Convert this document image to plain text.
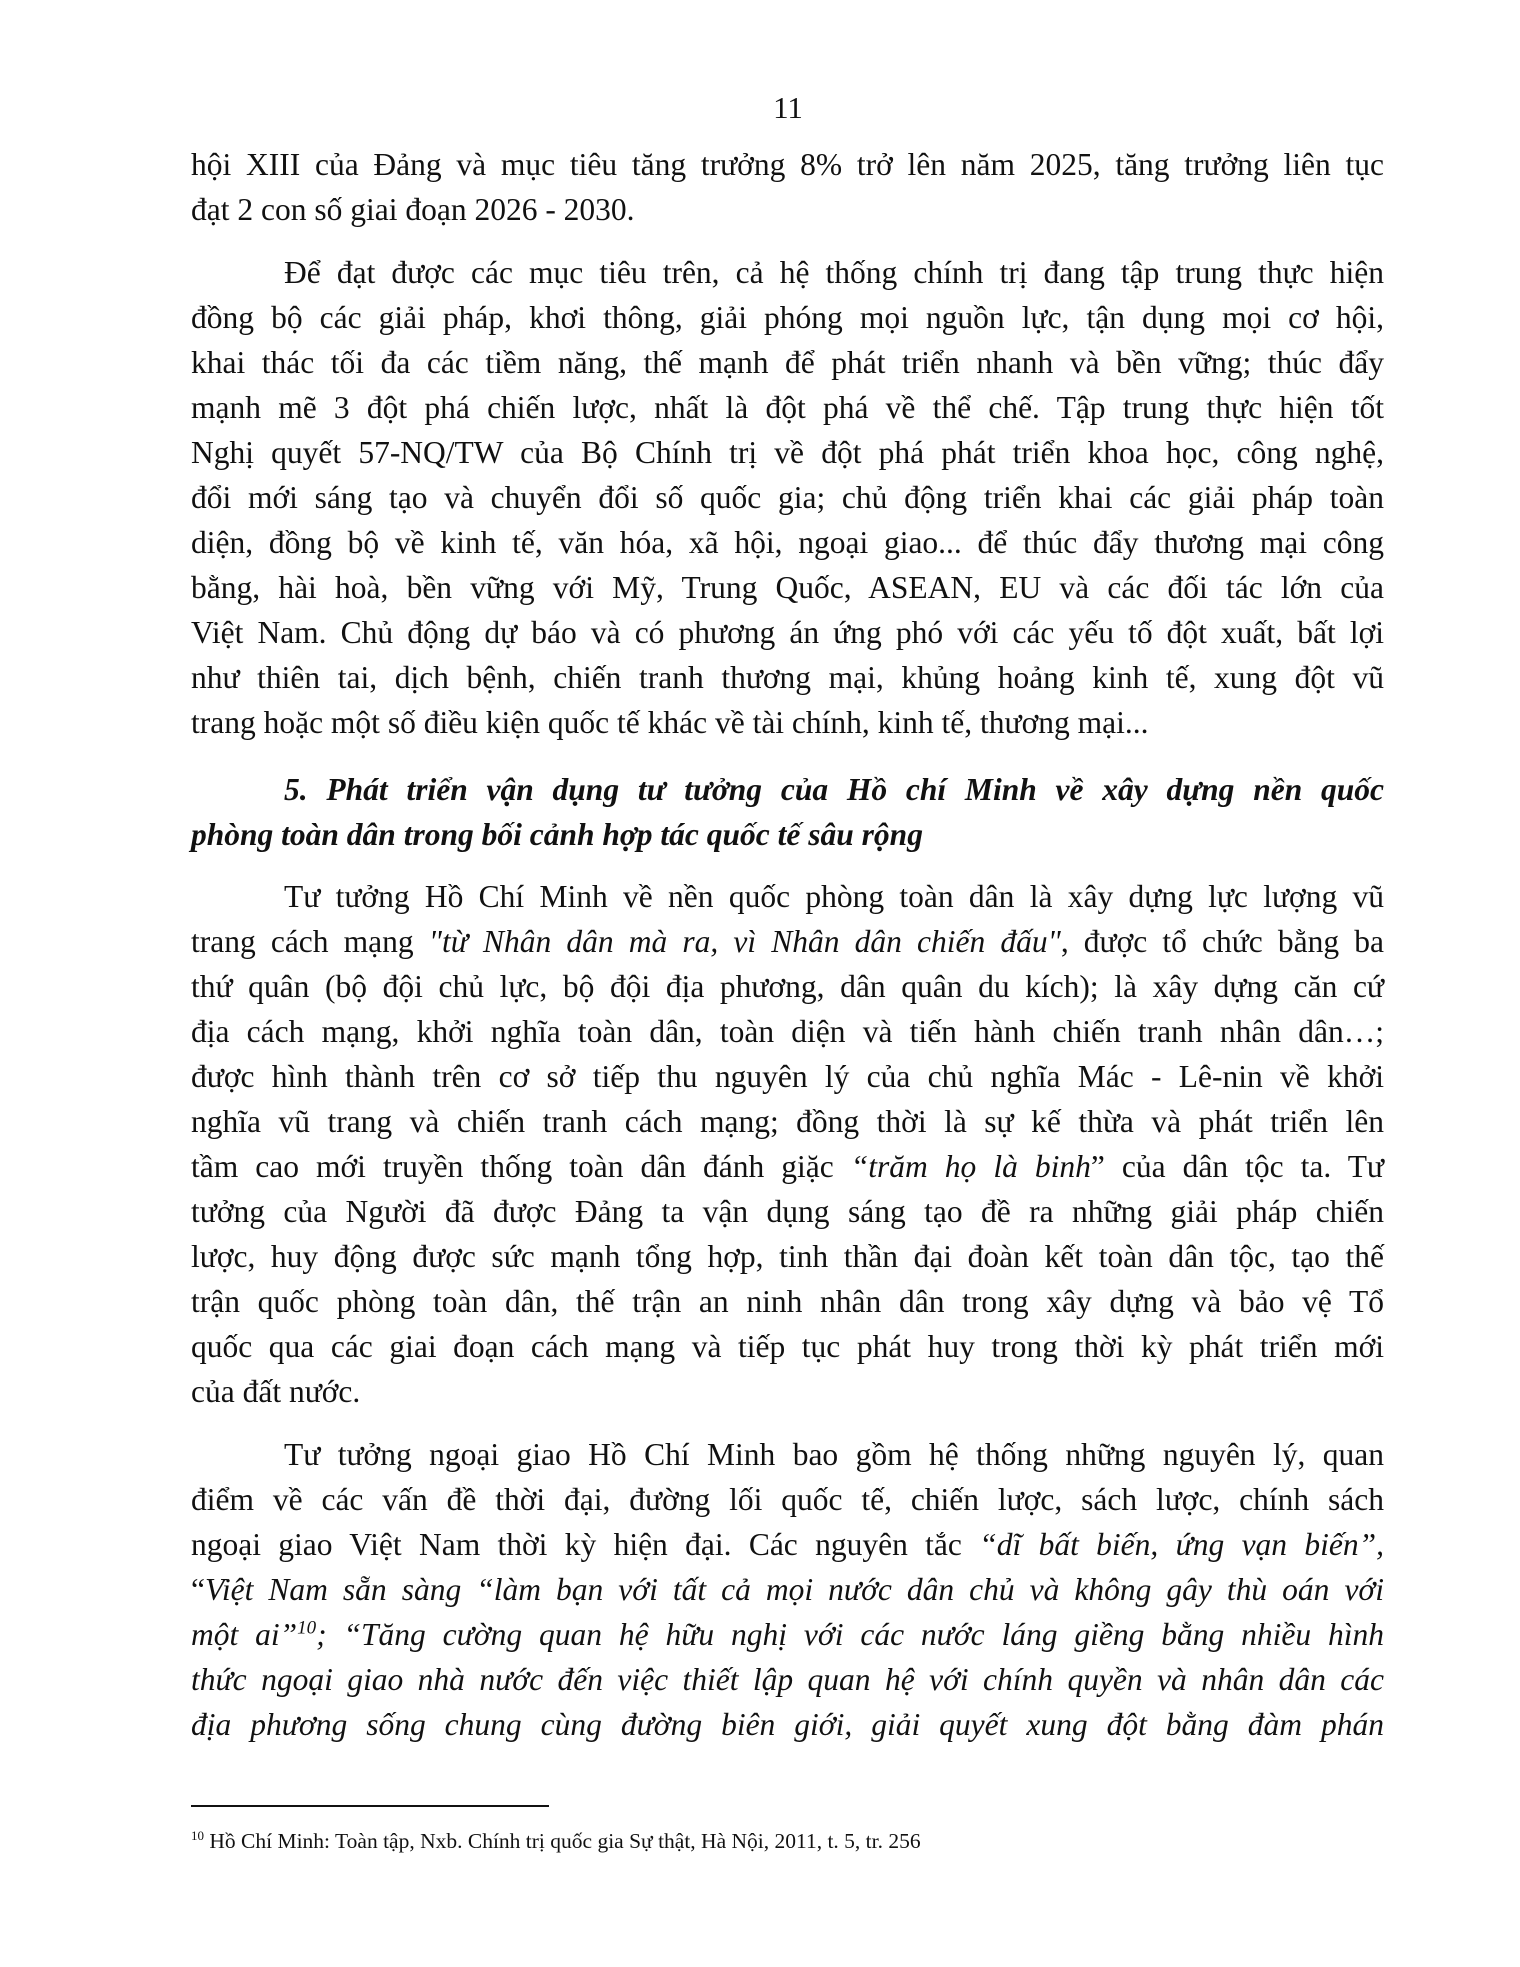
11
hội XIII của Đảng và mục tiêu tăng trưởng 8% trở lên năm 2025, tăng trưởng liên tục
đạt 2 con số giai đoạn 2026 - 2030.
Để đạt được các mục tiêu trên, cả hệ thống chính trị đang tập trung thực hiện
đồng bộ các giải pháp, khơi thông, giải phóng mọi nguồn lực, tận dụng mọi cơ hội,
khai thác tối đa các tiềm năng, thế mạnh để phát triển nhanh và bền vững; thúc đẩy
mạnh mẽ 3 đột phá chiến lược, nhất là đột phá về thể chế. Tập trung thực hiện tốt
Nghị quyết 57-NQ/TW của Bộ Chính trị về đột phá phát triển khoa học, công nghệ,
đổi mới sáng tạo và chuyển đổi số quốc gia; chủ động triển khai các giải pháp toàn
diện, đồng bộ về kinh tế, văn hóa, xã hội, ngoại giao... để thúc đẩy thương mại công
bằng, hài hoà, bền vững với Mỹ, Trung Quốc, ASEAN, EU và các đối tác lớn của
Việt Nam. Chủ động dự báo và có phương án ứng phó với các yếu tố đột xuất, bất lợi
như thiên tai, dịch bệnh, chiến tranh thương mại, khủng hoảng kinh tế, xung đột vũ
trang hoặc một số điều kiện quốc tế khác về tài chính, kinh tế, thương mại...
5. Phát triển vận dụng tư tưởng của Hồ chí Minh về xây dựng nền quốc
phòng toàn dân trong bối cảnh hợp tác quốc tế sâu rộng
Tư tưởng Hồ Chí Minh về nền quốc phòng toàn dân là xây dựng lực lượng vũ
trang cách mạng "từ Nhân dân mà ra, vì Nhân dân chiến đấu", được tổ chức bằng ba
thứ quân (bộ đội chủ lực, bộ đội địa phương, dân quân du kích); là xây dựng căn cứ
địa cách mạng, khởi nghĩa toàn dân, toàn diện và tiến hành chiến tranh nhân dân…;
được hình thành trên cơ sở tiếp thu nguyên lý của chủ nghĩa Mác - Lê-nin về khởi
nghĩa vũ trang và chiến tranh cách mạng; đồng thời là sự kế thừa và phát triển lên
tầm cao mới truyền thống toàn dân đánh giặc “trăm họ là binh” của dân tộc ta. Tư
tưởng của Người đã được Đảng ta vận dụng sáng tạo đề ra những giải pháp chiến
lược, huy động được sức mạnh tổng hợp, tinh thần đại đoàn kết toàn dân tộc, tạo thế
trận quốc phòng toàn dân, thế trận an ninh nhân dân trong xây dựng và bảo vệ Tổ
quốc qua các giai đoạn cách mạng và tiếp tục phát huy trong thời kỳ phát triển mới
của đất nước.
Tư tưởng ngoại giao Hồ Chí Minh bao gồm hệ thống những nguyên lý, quan
điểm về các vấn đề thời đại, đường lối quốc tế, chiến lược, sách lược, chính sách
ngoại giao Việt Nam thời kỳ hiện đại. Các nguyên tắc “dĩ bất biến, ứng vạn biến”,
“Việt Nam sẵn sàng “làm bạn với tất cả mọi nước dân chủ và không gây thù oán với
một ai”$^{10}$; “Tăng cường quan hệ hữu nghị với các nước láng giềng bằng nhiều hình
thức ngoại giao nhà nước đến việc thiết lập quan hệ với chính quyền và nhân dân các
địa phương sống chung cùng đường biên giới, giải quyết xung đột bằng đàm phán
$^{10}$ Hồ Chí Minh: Toàn tập, Nxb. Chính trị quốc gia Sự thật, Hà Nội, 2011, t. 5, tr. 256
